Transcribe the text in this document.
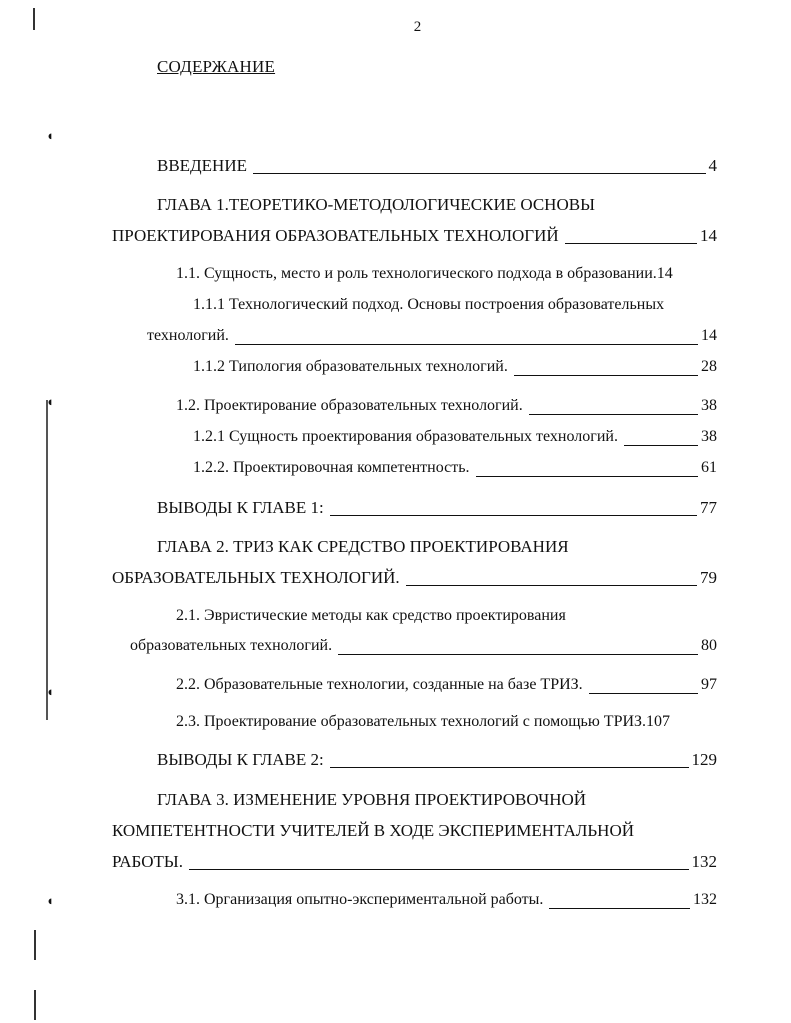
◖
◖
◖
◖
2
СОДЕРЖАНИЕ
ВВЕДЕНИЕ	4
ГЛАВА 1.ТЕОРЕТИКО-МЕТОДОЛОГИЧЕСКИЕ ОСНОВЫ
ПРОЕКТИРОВАНИЯ ОБРАЗОВАТЕЛЬНЫХ ТЕХНОЛОГИЙ	14
1.1. Сущность, место и роль технологического подхода в образовании. 14
1.1.1 Технологический подход. Основы построения образовательных
технологий.	14
1.1.2 Типология образовательных технологий.	28
1.2. Проектирование образовательных технологий.	38
1.2.1 Сущность проектирования образовательных технологий.	38
1.2.2. Проектировочная компетентность.	61
ВЫВОДЫ К ГЛАВЕ 1:	77
ГЛАВА 2. ТРИЗ КАК СРЕДСТВО ПРОЕКТИРОВАНИЯ
ОБРАЗОВАТЕЛЬНЫХ ТЕХНОЛОГИЙ.	79
2.1. Эвристические методы как средство проектирования
образовательных технологий.	80
2.2. Образовательные технологии, созданные на базе ТРИЗ.	97
2.3. Проектирование образовательных технологий с помощью ТРИЗ. 107
ВЫВОДЫ К ГЛАВЕ 2:	129
ГЛАВА 3. ИЗМЕНЕНИЕ УРОВНЯ ПРОЕКТИРОВОЧНОЙ
КОМПЕТЕНТНОСТИ УЧИТЕЛЕЙ В ХОДЕ ЭКСПЕРИМЕНТАЛЬНОЙ
РАБОТЫ.	132
3.1. Организация опытно-экспериментальной работы.	132
